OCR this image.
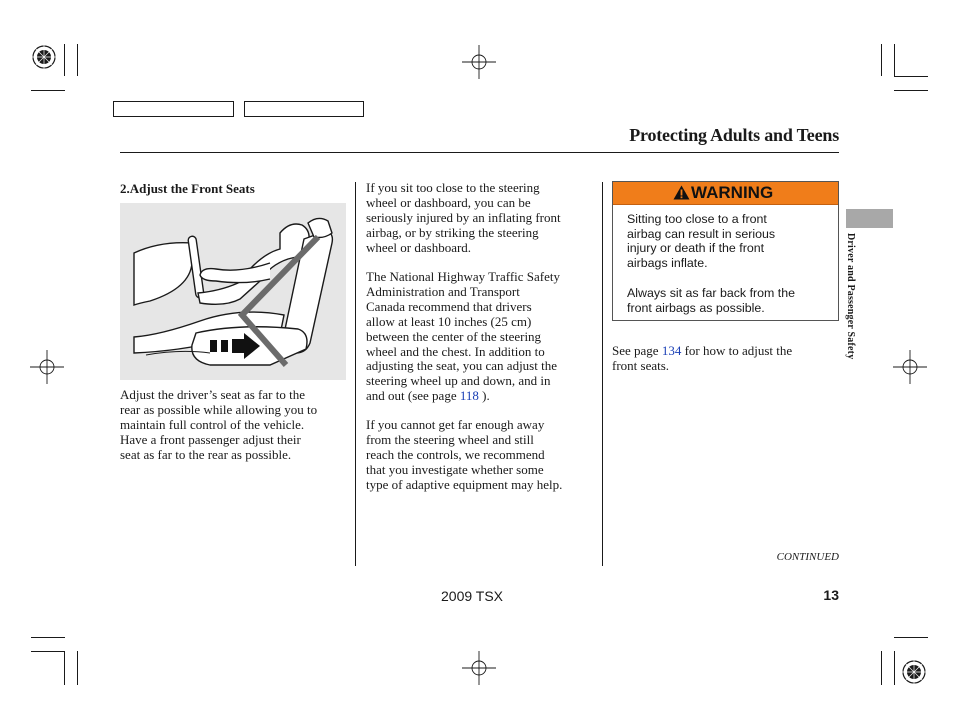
Protecting Adults and Teens
2.Adjust the Front Seats
Adjust the driver’s seat as far to the
rear as possible while allowing you to
maintain full control of the vehicle.
Have a front passenger adjust their
seat as far to the rear as possible.
If you sit too close to the steering
wheel or dashboard, you can be
seriously injured by an inflating front
airbag, or by striking the steering
wheel or dashboard.
The National Highway Traffic Safety
Administration and Transport
Canada recommend that drivers
allow at least 10 inches (25 cm)
between the center of the steering
wheel and the chest. In addition to
adjusting the seat, you can adjust the
steering wheel up and down, and in
and out (see page 118 ).
If you cannot get far enough away
from the steering wheel and still
reach the controls, we recommend
that you investigate whether some
type of adaptive equipment may help.
WARNING
Sitting too close to a front
airbag can result in serious
injury or death if the front
airbags inflate.
Always sit as far back from the
front airbags as possible.
See page 134 for how to adjust the
front seats.
Driver and Passenger Safety
CONTINUED
2009 TSX	13
